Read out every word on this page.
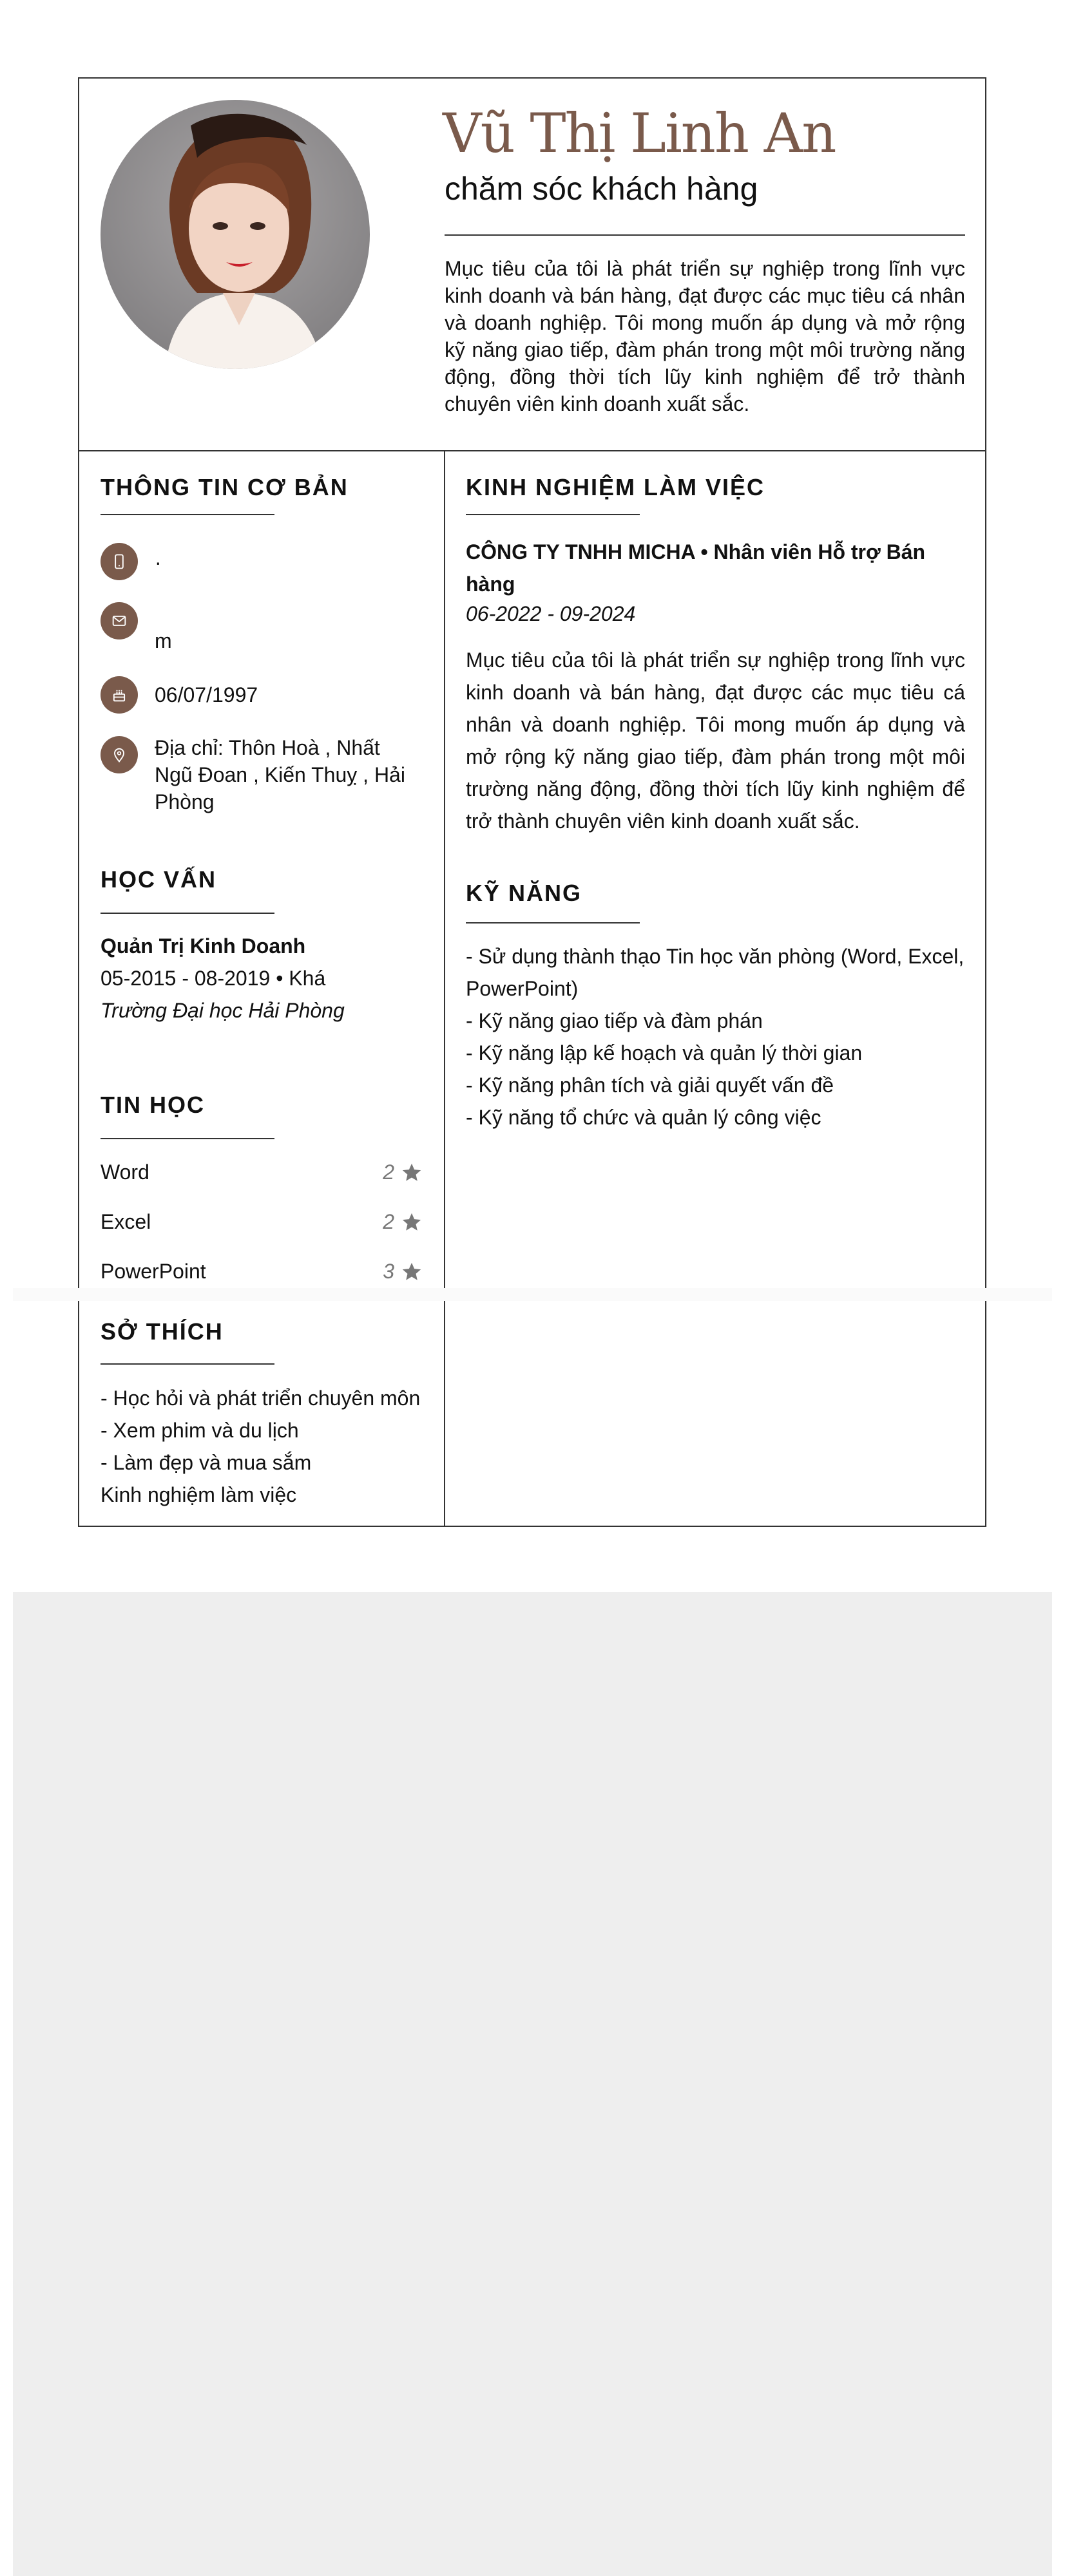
Vũ Thị Linh An
chăm sóc khách hàng
Mục tiêu của tôi là phát triển sự nghiệp trong lĩnh vực kinh doanh và bán hàng, đạt được các mục tiêu cá nhân và doanh nghiệp. Tôi mong muốn áp dụng và mở rộng kỹ năng giao tiếp, đàm phán trong một môi trường năng động, đồng thời tích lũy kinh nghiệm để trở thành chuyên viên kinh doanh xuất sắc.
THÔNG TIN CƠ BẢN
·
m
06/07/1997
Địa chỉ: Thôn Hoà , Nhất Ngũ Đoan , Kiến Thuỵ , Hải Phòng
HỌC VẤN
Quản Trị Kinh Doanh
05-2015 - 08-2019 • Khá
Trường Đại học Hải Phòng
TIN HỌC
Word	2
Excel	2
PowerPoint	3
SỞ THÍCH
- Học hỏi và phát triển chuyên môn
- Xem phim và du lịch
- Làm đẹp và mua sắm
Kinh nghiệm làm việc
KINH NGHIỆM LÀM VIỆC
CÔNG TY TNHH MICHA • Nhân viên Hỗ trợ Bán hàng
06-2022 - 09-2024
Mục tiêu của tôi là phát triển sự nghiệp trong lĩnh vực kinh doanh và bán hàng, đạt được các mục tiêu cá nhân và doanh nghiệp. Tôi mong muốn áp dụng và mở rộng kỹ năng giao tiếp, đàm phán trong một môi trường năng động, đồng thời tích lũy kinh nghiệm để trở thành chuyên viên kinh doanh xuất sắc.
KỸ NĂNG
- Sử dụng thành thạo Tin học văn phòng (Word, Excel, PowerPoint)
- Kỹ năng giao tiếp và đàm phán
- Kỹ năng lập kế hoạch và quản lý thời gian
- Kỹ năng phân tích và giải quyết vấn đề
- Kỹ năng tổ chức và quản lý công việc
